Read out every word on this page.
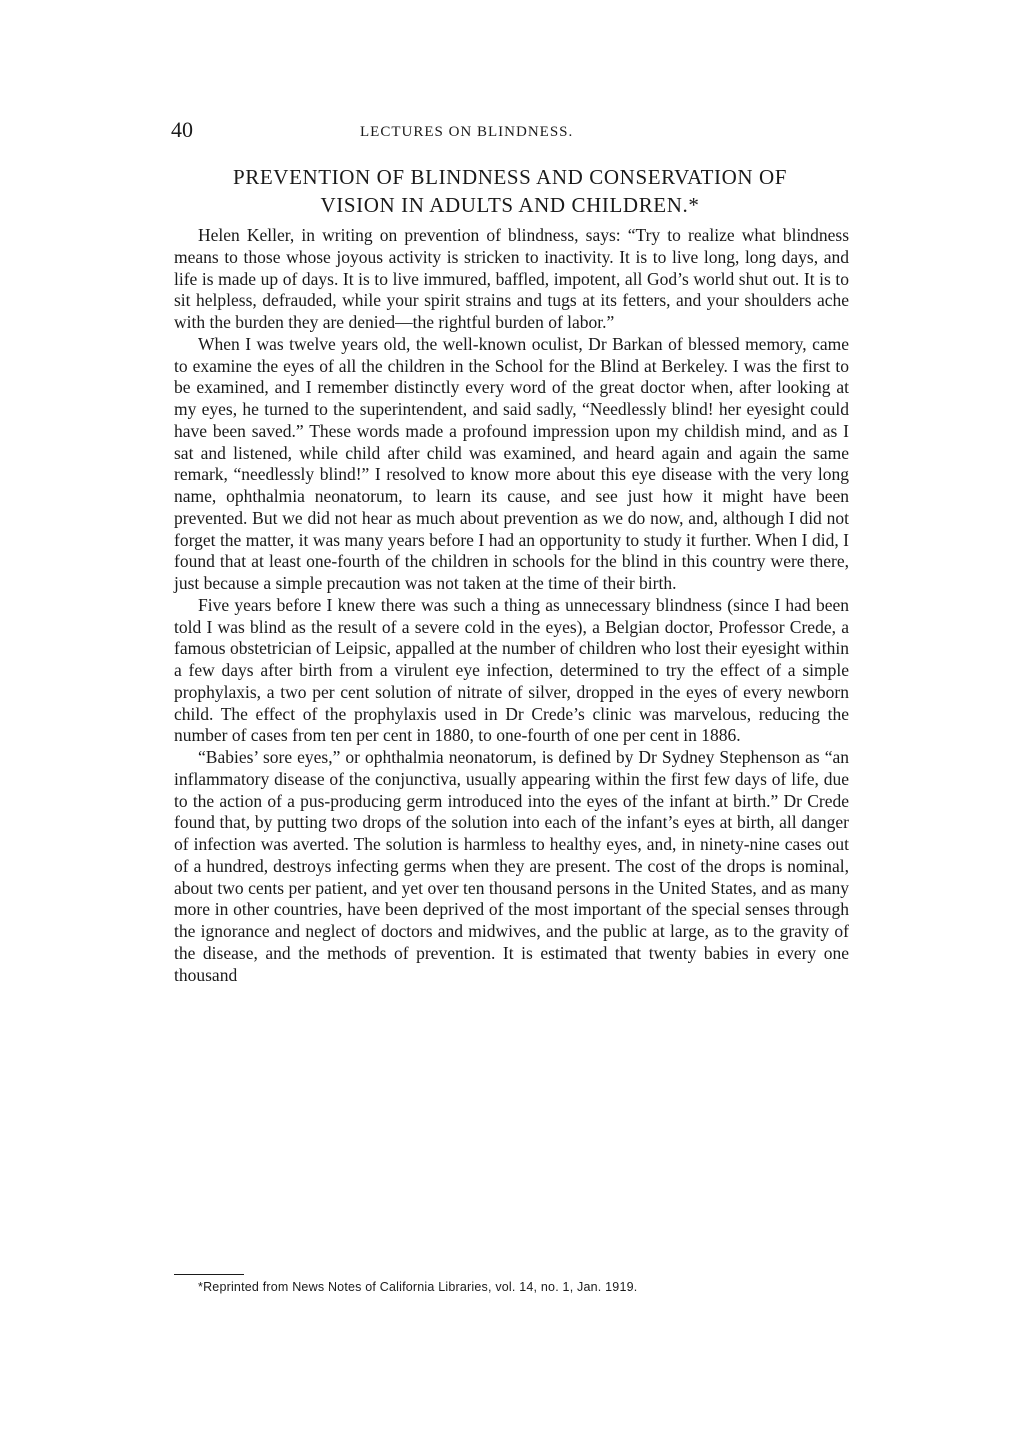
40	LECTURES ON BLINDNESS.
PREVENTION OF BLINDNESS AND CONSERVATION OF
VISION IN ADULTS AND CHILDREN.*

Helen Keller, in writing on prevention of blindness, says: “Try to realize what blindness means to those whose joyous activity is stricken to inactivity. It is to live long, long days, and life is made up of days. It is to live immured, baffled, impotent, all God’s world shut out. It is to sit helpless, defrauded, while your spirit strains and tugs at its fetters, and your shoulders ache with the burden they are denied—the rightful burden of labor.”

When I was twelve years old, the well-known oculist, Dr Barkan of blessed memory, came to examine the eyes of all the children in the School for the Blind at Berkeley. I was the first to be examined, and I remember distinctly every word of the great doctor when, after looking at my eyes, he turned to the superintendent, and said sadly, “Needlessly blind! her eyesight could have been saved.” These words made a profound impression upon my childish mind, and as I sat and listened, while child after child was examined, and heard again and again the same remark, “needlessly blind!” I resolved to know more about this eye disease with the very long name, ophthalmia neonatorum, to learn its cause, and see just how it might have been prevented. But we did not hear as much about prevention as we do now, and, although I did not forget the matter, it was many years before I had an opportunity to study it further. When I did, I found that at least one-fourth of the children in schools for the blind in this country were there, just because a simple precaution was not taken at the time of their birth.

Five years before I knew there was such a thing as unnecessary blindness (since I had been told I was blind as the result of a severe cold in the eyes), a Belgian doctor, Professor Crede, a famous obstetrician of Leipsic, appalled at the number of children who lost their eyesight within a few days after birth from a virulent eye infection, determined to try the effect of a simple prophylaxis, a two per cent solution of nitrate of silver, dropped in the eyes of every newborn child. The effect of the prophylaxis used in Dr Crede’s clinic was marvelous, reducing the number of cases from ten per cent in 1880, to one-fourth of one per cent in 1886.

“Babies’ sore eyes,” or ophthalmia neonatorum, is defined by Dr Sydney Stephenson as “an inflammatory disease of the conjunctiva, usually appearing within the first few days of life, due to the action of a pus-producing germ introduced into the eyes of the infant at birth.” Dr Crede found that, by putting two drops of the solution into each of the infant’s eyes at birth, all danger of infection was averted. The solution is harmless to healthy eyes, and, in ninety-nine cases out of a hundred, destroys infecting germs when they are present. The cost of the drops is nominal, about two cents per patient, and yet over ten thousand persons in the United States, and as many more in other countries, have been deprived of the most important of the special senses through the ignorance and neglect of doctors and midwives, and the public at large, as to the gravity of the disease, and the methods of prevention. It is estimated that twenty babies in every one thousand

*Reprinted from News Notes of California Libraries, vol. 14, no. 1, Jan. 1919.
